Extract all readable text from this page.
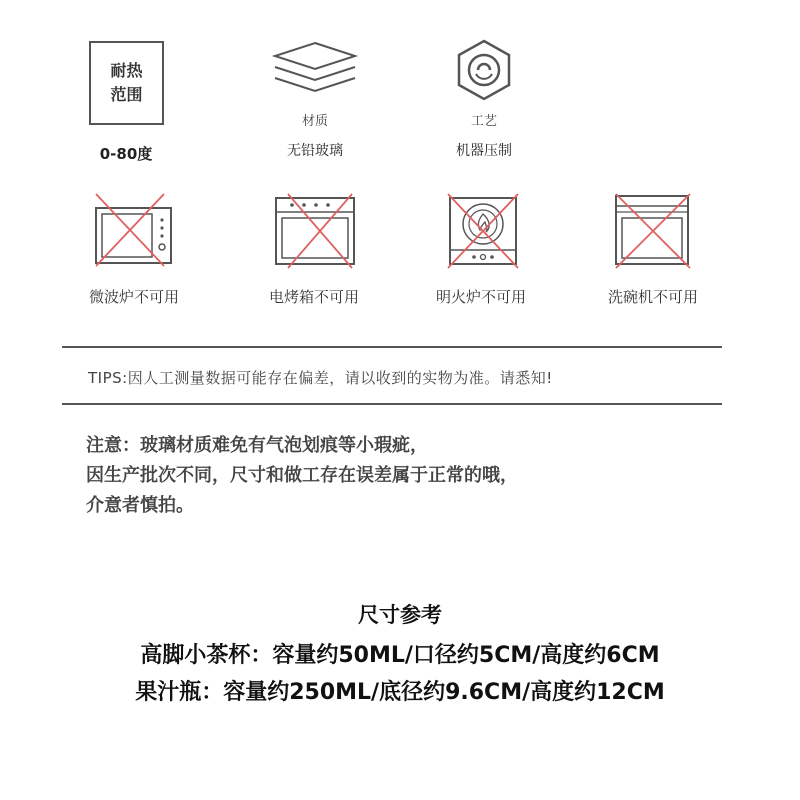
耐热
范围
0-80度
材质
无铅玻璃
工艺
机器压制
微波炉不可用	电烤箱不可用	明火炉不可用	洗碗机不可用
TIPS:因人工测量数据可能存在偏差，请以收到的实物为准。请悉知!
注意：玻璃材质难免有气泡划痕等小瑕疵，
因生产批次不同，尺寸和做工存在误差属于正常的哦，
介意者慎拍。
尺寸参考
高脚小茶杯：容量约50ML/口径约5CM/高度约6CM
果汁瓶：容量约250ML/底径约9.6CM/高度约12CM
